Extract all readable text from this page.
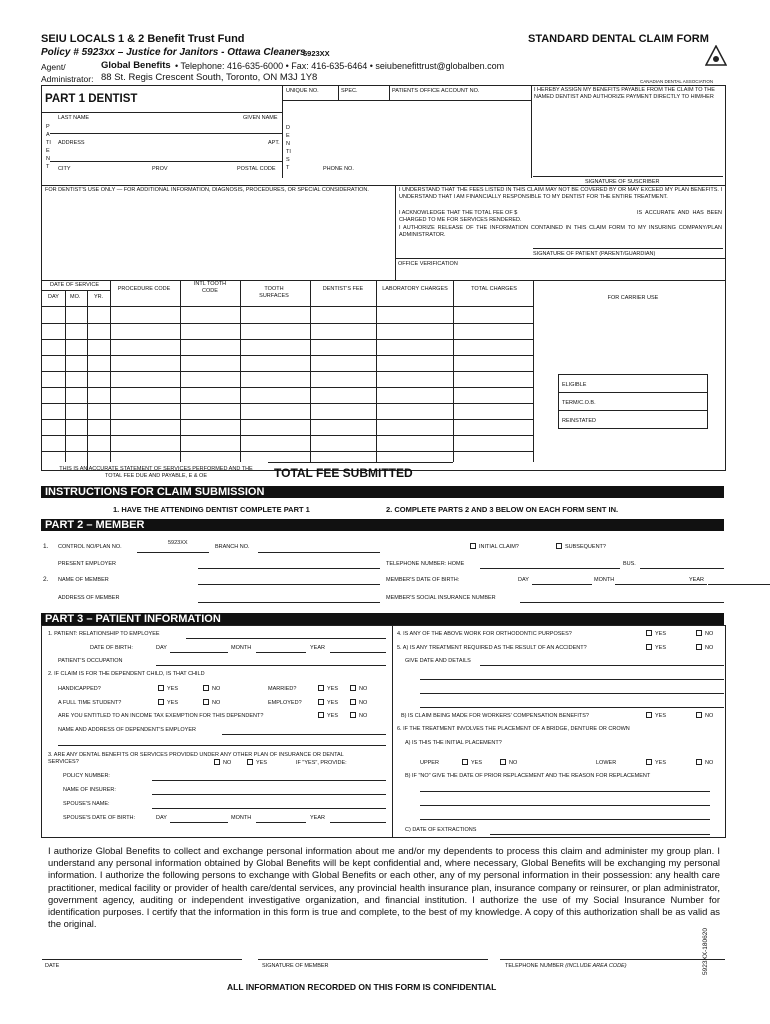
SEIU LOCALS 1 & 2 Benefit Trust Fund	STANDARD DENTAL CLAIM FORM
Policy # 5923xx – Justice for Janitors - Ottawa Cleaners
5923XX
Agent/	Global Benefits • Telephone: 416-635-6000 • Fax: 416-635-6464 • seiubenefittrust@globalben.com
Administrator: 88 St. Regis Crescent South, Toronto, ON M3J 1Y8	CANADIAN DENTAL ASSOCIATION
PART 1 DENTIST
UNIQUE NO.	SPEC.	PATIENTS OFFICE ACCOUNT NO.	I HEREBY ASSIGN MY BENEFITS PAYABLE FROM THE CLAIM TO THE NAMED DENTIST AND AUTHORIZE PAYMENT DIRECTLY TO HIM/HER
LAST NAME	GIVEN NAME
ADDRESS	APT.
CITY	PROV	POSTAL CODE	PHONE NO.
PATIENT
DENTIST
SIGNATURE OF SUSCRIBER
FOR DENTIST'S USE ONLY — FOR ADDITIONAL INFORMATION, DIAGNOSIS, PROCEDURES, OR SPECIAL CONSIDERATION.	I UNDERSTAND THAT THE FEES LISTED IN THIS CLAIM MAY NOT BE COVERED BY OR MAY EXCEED MY PLAN BENEFITS. I UNDERSTAND THAT I AM FINANCIALLY RESPONSIBLE TO MY DENTIST FOR THE ENTIRE TREATMENT.
I ACKNOWLEDGE THAT THE TOTAL FEE OF $	IS ACCURATE AND HAS BEEN CHARGED TO ME FOR SERVICES RENDERED.
I AUTHORIZE RELEASE OF THE INFORMATION CONTAINED IN THIS CLAIM FORM TO MY INSURING COMPANY/PLAN ADMINISTRATOR.
SIGNATURE OF PATIENT (PARENT/GUARDIAN)
OFFICE VERIFICATION
DATE OF SERVICE
DAY MO. YR.
PROCEDURE CODE
INTL TOOTH CODE	TOOTH SURFACES
DENTIST'S FEE	LABORATORY CHARGES	TOTAL CHARGES
FOR CARRIER USE
ELIGIBLE
TERM/C.O.B.
REINSTATED
THIS IS AN ACCURATE STATEMENT OF SERVICES PERFORMED AND THE TOTAL FEE DUE AND PAYABLE, E & OE	TOTAL FEE SUBMITTED
INSTRUCTIONS FOR CLAIM SUBMISSION
1. HAVE THE ATTENDING DENTIST COMPLETE PART 1	2. COMPLETE PARTS 2 AND 3 BELOW ON EACH FORM SENT IN.
PART 2 – MEMBER
1. CONTROL NO/PLAN NO.
5923XX
BRANCH NO.	INITIAL CLAIM?	SUBSEQUENT?
PRESENT EMPLOYER	TELEPHONE NUMBER: HOME	BUS.
2. NAME OF MEMBER	MEMBER'S DATE OF BIRTH:	DAY	MONTH	YEAR
ADDRESS OF MEMBER	MEMBER'S SOCIAL INSURANCE NUMBER
PART 3 – PATIENT INFORMATION
1. PATIENT: RELATIONSHIP TO EMPLOYEE
DATE OF BIRTH:	DAY	MONTH	YEAR
PATIENT'S OCCUPATION
2. IF CLAIM IS FOR THE DEPENDENT CHILD, IS THAT CHILD
HANDICAPPED?	YES	NO	MARRIED?	YES	NO
A FULL TIME STUDENT?	YES	NO	EMPLOYED?	YES	NO
ARE YOU ENTITLED TO AN INCOME TAX EXEMPTION FOR THIS DEPENDENT?	YES	NO
NAME AND ADDRESS OF DEPENDENT'S EMPLOYER
3. ARE ANY DENTAL BENEFITS OR SERVICES PROVIDED UNDER ANY OTHER PLAN OF INSURANCE OR DENTAL SERVICES?	NO	YES	IF "YES", PROVIDE:
POLICY NUMBER:
NAME OF INSURER:
SPOUSE'S NAME:
SPOUSE'S DATE OF BIRTH:	DAY	MONTH	YEAR
4. IS ANY OF THE ABOVE WORK FOR ORTHODONTIC PURPOSES?	YES	NO
5. A) IS ANY TREATMENT REQUIRED AS THE RESULT OF AN ACCIDENT?	YES	NO
GIVE DATE AND DETAILS
B) IS CLAIM BEING MADE FOR WORKERS' COMPENSATION BENEFITS?	YES	NO
6. IF THE TREATMENT INVOLVES THE PLACEMENT OF A BRIDGE, DENTURE OR CROWN
A) IS THIS THE INITIAL PLACEMENT?
UPPER	YES	NO	LOWER	YES	NO
B) IF "NO" GIVE THE DATE OF PRIOR REPLACEMENT AND THE REASON FOR REPLACEMENT
C) DATE OF EXTRACTIONS
I authorize Global Benefits to collect and exchange personal information about me and/or my dependents to process this claim and administer my group plan. I understand any personal information obtained by Global Benefits will be kept confidential and, where necessary, Global Benefits will be exchanging my personal information. I authorize the following persons to exchange with Global Benefits or each other, any of my personal information in their possession: any health care practitioner, medical facility or provider of health care/dental services, any provincial health insurance plan, insurance company or reinsurer, or plan administrator, government agency, auditing or independent investigative organization, and financial institution. I authorize the use of my Social Insurance Number for identification purposes. I certify that the information in this form is true and complete, to the best of my knowledge. A copy of this authorization shall be as valid as the original.
DATE	SIGNATURE OF MEMBER	TELEPHONE NUMBER (INCLUDE AREA CODE)
ALL INFORMATION RECORDED ON THIS FORM IS CONFIDENTIAL
5923XX-180620
